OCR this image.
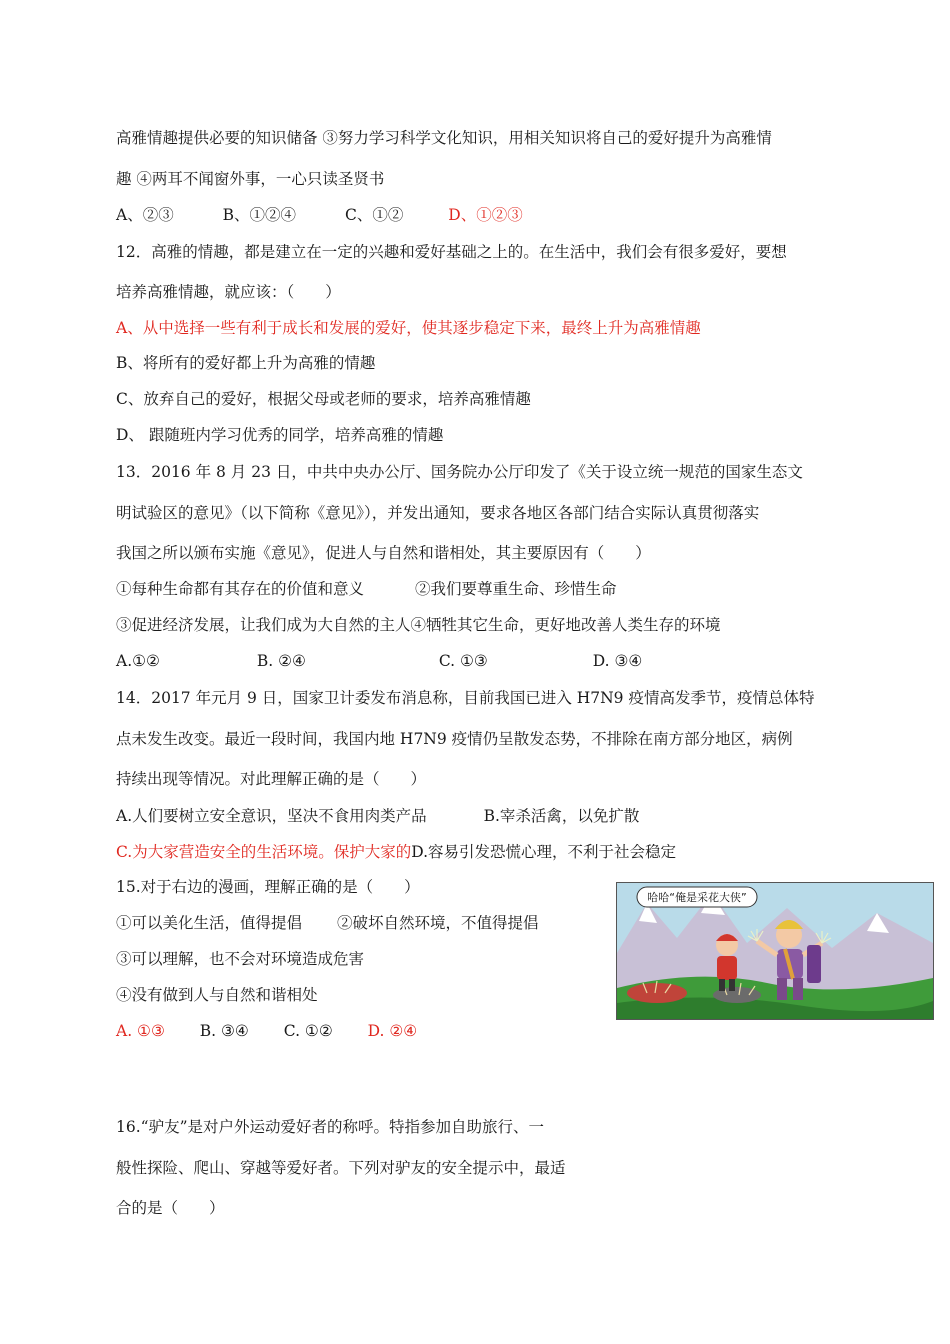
高雅情趣提供必要的知识储备 ③努力学习科学文化知识，用相关知识将自己的爱好提升为高雅情
趣 ④两耳不闻窗外事，一心只读圣贤书
A、②③	B、①②④	C、①②	D、①②③
12．高雅的情趣，都是建立在一定的兴趣和爱好基础之上的。在生活中，我们会有很多爱好，要想
培养高雅情趣，就应该：（　　）
A、从中选择一些有利于成长和发展的爱好，使其逐步稳定下来，最终上升为高雅情趣
B、将所有的爱好都上升为高雅的情趣
C、放弃自己的爱好，根据父母或老师的要求，培养高雅情趣
D、 跟随班内学习优秀的同学，培养高雅的情趣
13．2016 年 8 月 23 日，中共中央办公厅、国务院办公厅印发了《关于设立统一规范的国家生态文
明试验区的意见》（以下简称《意见》），并发出通知，要求各地区各部门结合实际认真贯彻落实
我国之所以颁布实施《意见》，促进人与自然和谐相处，其主要原因有（　　）
①每种生命都有其存在的价值和意义	②我们要尊重生命、珍惜生命
③促进经济发展，让我们成为大自然的主人④牺牲其它生命，更好地改善人类生存的环境
A.①②	B. ②④	C. ①③	D. ③④
14．2017 年元月 9 日，国家卫计委发布消息称，目前我国已进入 H7N9 疫情高发季节，疫情总体特
点未发生改变。最近一段时间，我国内地 H7N9 疫情仍呈散发态势，不排除在南方部分地区，病例
持续出现等情况。对此理解正确的是（　　）
A.人们要树立安全意识，坚决不食用肉类产品	B.宰杀活禽，以免扩散
C.为大家营造安全的生活环境。保护大家的D.容易引发恐慌心理，不利于社会稳定
15.对于右边的漫画，理解正确的是（　　）
①可以美化生活，值得提倡 ②破坏自然环境，不值得提倡
③可以理解，也不会对环境造成危害
④没有做到人与自然和谐相处
A. ①③ B. ③④ C. ①② D. ②④
哈哈“俺是采花大侠”
16.“驴友”是对户外运动爱好者的称呼。特指参加自助旅行、一
般性探险、爬山、穿越等爱好者。下列对驴友的安全提示中，最适
合的是（　　）
